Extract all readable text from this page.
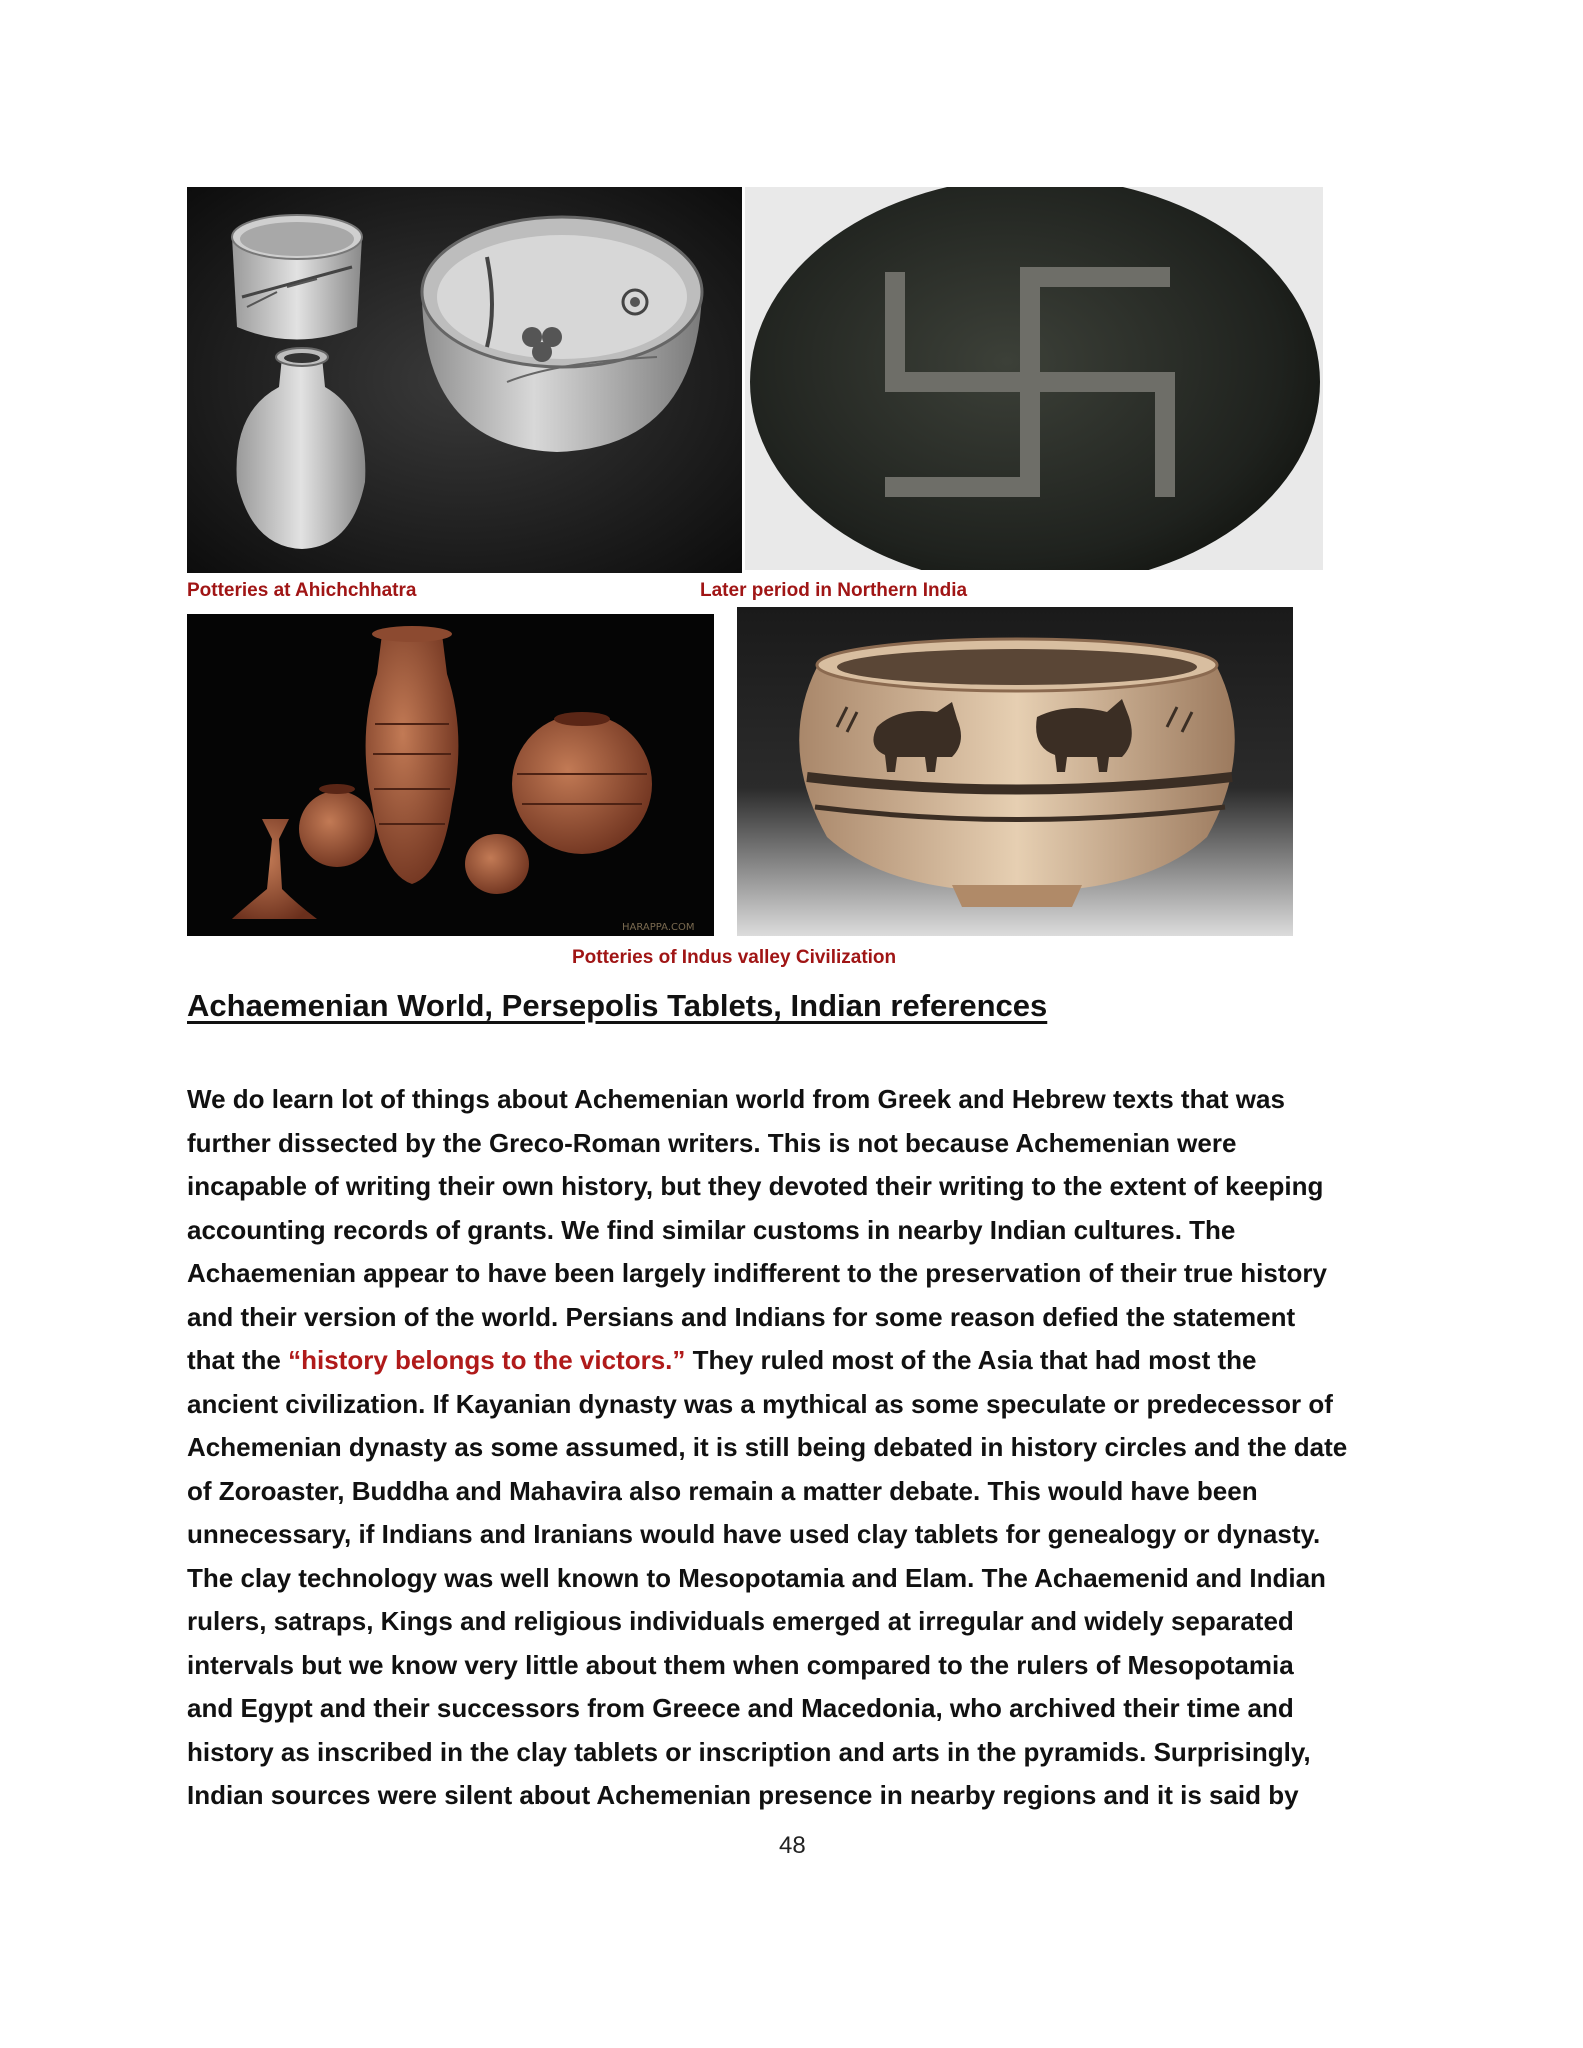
Potteries at Ahichchhatra	Later period in Northern India
HARAPPA.COM
Potteries of Indus valley Civilization
Achaemenian World, Persepolis Tablets, Indian references
We do learn lot of things about Achemenian world from Greek and Hebrew texts that was
further dissected by the Greco-Roman writers. This is not because Achemenian were
incapable of writing their own history, but they devoted their writing to the extent of keeping
accounting records of grants. We find similar customs in nearby Indian cultures. The
Achaemenian appear to have been largely indifferent to the preservation of their true history
and their version of the world. Persians and Indians for some reason defied the statement
that the “history belongs to the victors.” They ruled most of the Asia that had most the
ancient civilization. If Kayanian dynasty was a mythical as some speculate or predecessor of
Achemenian dynasty as some assumed, it is still being debated in history circles and the date
of Zoroaster, Buddha and Mahavira also remain a matter debate. This would have been
unnecessary, if Indians and Iranians would have used clay tablets for genealogy or dynasty.
The clay technology was well known to Mesopotamia and Elam. The Achaemenid and Indian
rulers, satraps, Kings and religious individuals emerged at irregular and widely separated
intervals but we know very little about them when compared to the rulers of Mesopotamia
and Egypt and their successors from Greece and Macedonia, who archived their time and
history as inscribed in the clay tablets or inscription and arts in the pyramids. Surprisingly,
Indian sources were silent about Achemenian presence in nearby regions and it is said by
48
